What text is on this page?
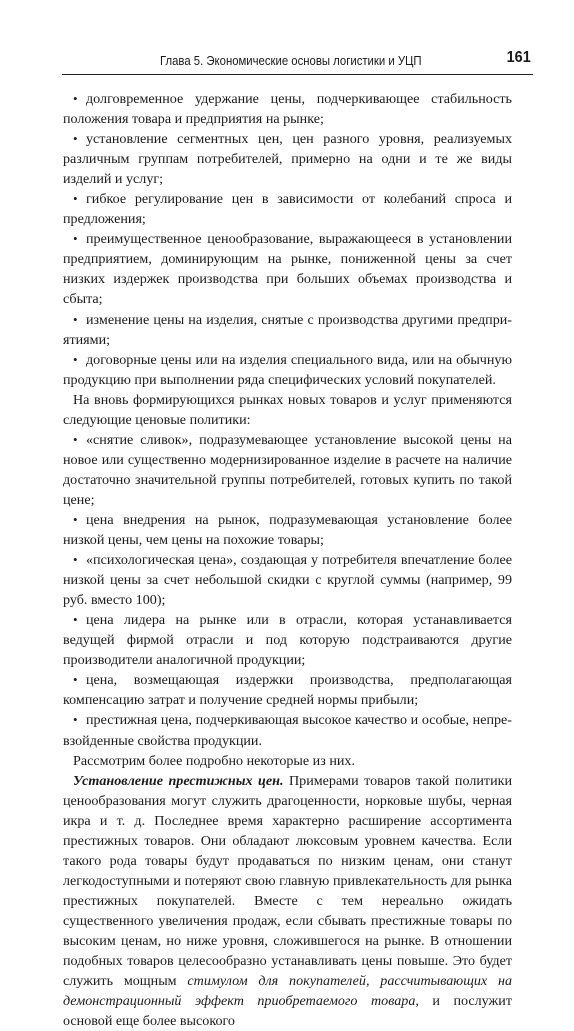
Глава 5. Экономические основы логистики и УЦП	161

• долговременное удержание цены, подчеркивающее стабильность положения товара и предприятия на рынке;

• установление сегментных цен, цен разного уровня, реализуемых различным группам потребителей, примерно на одни и те же виды изделий и услуг;

• гибкое регулирование цен в зависимости от колебаний спроса и предложения;

• преимущественное ценообразование, выражающееся в установлении предприятием, доминирующим на рынке, пониженной цены за счет низких издержек производства при больших объемах производства и сбыта;

• изменение цены на изделия, снятые с производства другими предприятиями;

• договорные цены или на изделия специального вида, или на обычную продукцию при выполнении ряда специфических условий покупателей.

На вновь формирующихся рынках новых товаров и услуг применяются следующие ценовые политики:

• «снятие сливок», подразумевающее установление высокой цены на новое или существенно модернизированное изделие в расчете на наличие достаточно значительной группы потребителей, готовых купить по такой цене;

• цена внедрения на рынок, подразумевающая установление более низкой цены, чем цены на похожие товары;

• «психологическая цена», создающая у потребителя впечатление более низкой цены за счет небольшой скидки с круглой суммы (например, 99 руб. вместо 100);

• цена лидера на рынке или в отрасли, которая устанавливается ведущей фирмой отрасли и под которую подстраиваются другие производители аналогичной продукции;

• цена, возмещающая издержки производства, предполагающая компенсацию затрат и получение средней нормы прибыли;

• престижная цена, подчеркивающая высокое качество и особые, непревзойденные свойства продукции.

Рассмотрим более подробно некоторые из них.

Установление престижных цен. Примерами товаров такой политики ценообразования могут служить драгоценности, норковые шубы, черная икра и т. д. Последнее время характерно расширение ассортимента престижных товаров. Они обладают люксовым уровнем качества. Если такого рода товары будут продаваться по низким ценам, они станут легкодоступными и потеряют свою главную привлекательность для рынка престижных покупателей. Вместе с тем нереально ожидать существенного увеличения продаж, если сбывать престижные товары по высоким ценам, но ниже уровня, сложившегося на рынке. В отношении подобных товаров целесообразно устанавливать цены повыше. Это будет служить мощным стимулом для покупателей, рассчитывающих на демонстрационный эффект приобретаемого товара, и послужит основой еще более высокого
